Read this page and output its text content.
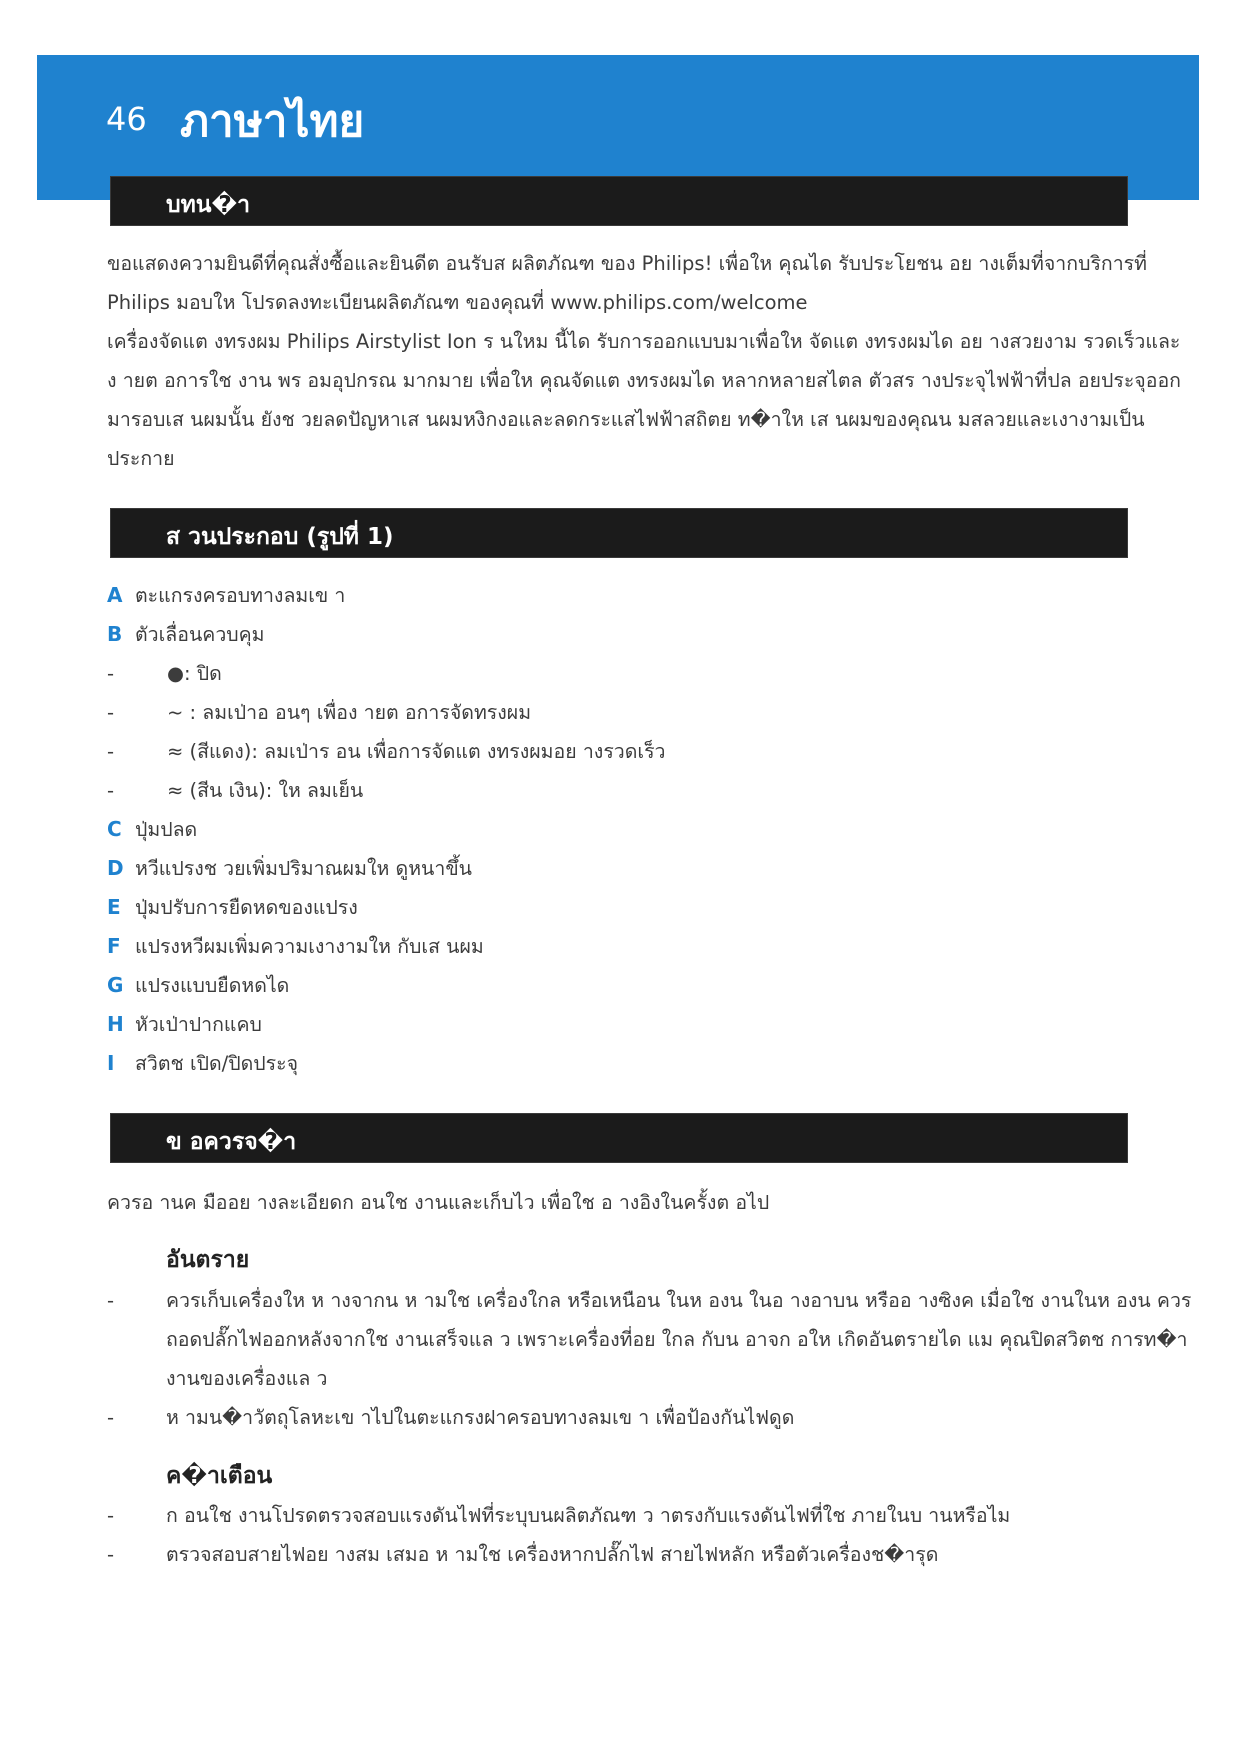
46 ภาษาไทย
บทน�า

ขอแสดงความยินดีที่คุณสั่งซื้อและยินดีต อนรับส ผลิตภัณฑ ของ Philips! เพื่อให คุณได รับประโยชน อย างเต็มที่จากบริการที่ Philips มอบให โปรดลงทะเบียนผลิตภัณฑ ของคุณที่ www.philips.com/welcome

เครื่องจัดแต งทรงผม Philips Airstylist Ion ร นใหม นี้ได รับการออกแบบมาเพื่อให จัดแต งทรงผมได อย างสวยงาม รวดเร็วและง ายต อการใช งาน พร อมอุปกรณ มากมาย เพื่อให คุณจัดแต งทรงผมได หลากหลายสไตล ตัวสร างประจุไฟฟ้าที่ปล อยประจุออกมารอบเส นผมนั้น ยังช วยลดปัญหาเส นผมหงิกงอและลดกระแสไฟฟ้าสถิตย ท�าให เส นผมของคุณน มสลวยและเงางามเป็นประกาย

ส วนประกอบ (รูปที่ 1)
A ตะแกรงครอบทางลมเข า
B ตัวเลื่อนควบคุม
-	●: ปิด
-	~ : ลมเป่าอ อนๆ เพื่อง ายต อการจัดทรงผม
-	≈ (สีแดง): ลมเป่าร อน เพื่อการจัดแต งทรงผมอย างรวดเร็ว
-	≈ (สีน เงิน): ให ลมเย็น
C ปุ่มปลด
D หวีแปรงช วยเพิ่มปริมาณผมให ดูหนาขึ้น
E ปุ่มปรับการยืดหดของแปรง
F แปรงหวีผมเพิ่มความเงางามให กับเส นผม
G แปรงแบบยืดหดได
H หัวเป่าปากแคบ
I สวิตช เปิด/ปิดประจุ
ข อควรจ�า

ควรอ านค มืออย างละเอียดก อนใช งานและเก็บไว เพื่อใช อ างอิงในครั้งต อไป

อันตราย
-	ควรเก็บเครื่องให ห างจากน ห ามใช เครื่องใกล หรือเหนือน ในห องน ในอ างอาบน หรืออ างซิงค เมื่อใช งานในห องน ควรถอดปลั๊กไฟออกหลังจากใช งานเสร็จแล ว เพราะเครื่องที่อย ใกล กับน อาจก อให เกิดอันตรายได แม คุณปิดสวิตช การท�างานของเครื่องแล ว
-	ห ามน�าวัตถุโลหะเข าไปในตะแกรงฝาครอบทางลมเข า เพื่อป้องกันไฟดูด
ค�าเตือน
-	ก อนใช งานโปรดตรวจสอบแรงดันไฟที่ระบุบนผลิตภัณฑ ว าตรงกับแรงดันไฟที่ใช ภายในบ านหรือไม
-	ตรวจสอบสายไฟอย างสม เสมอ ห ามใช เครื่องหากปลั๊กไฟ สายไฟหลัก หรือตัวเครื่องช�ารุด
